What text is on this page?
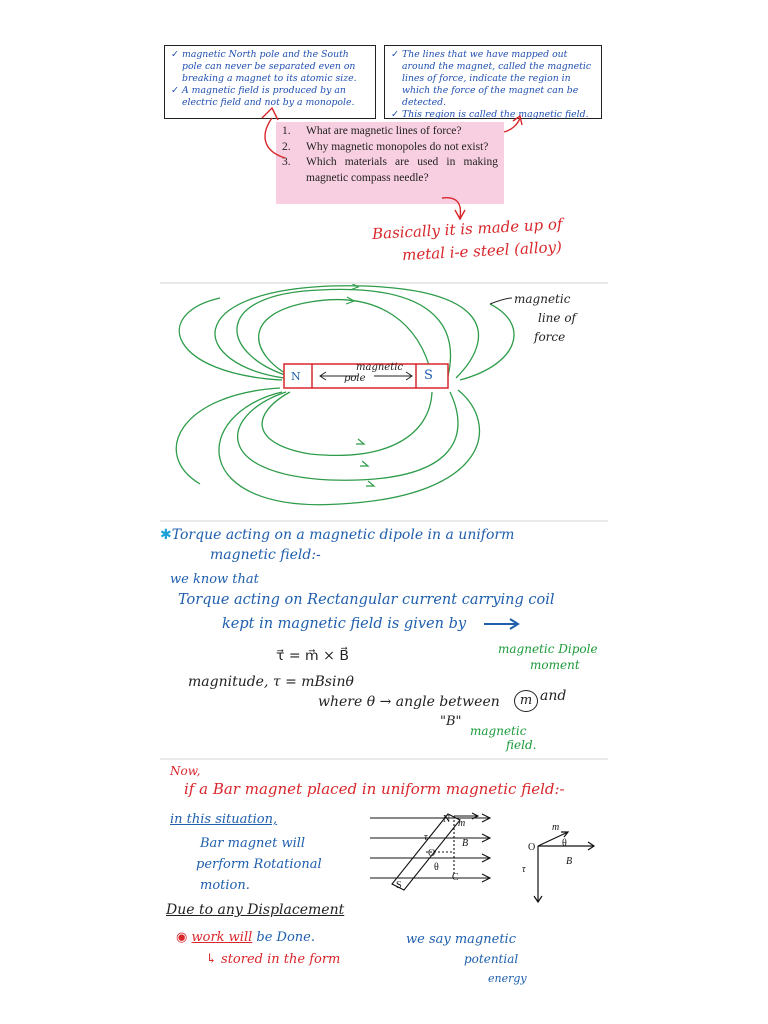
✓ magnetic North pole and the South pole can never be separated even on breaking a magnet to its atomic size.
✓ A magnetic field is produced by an electric field and not by a monopole.
✓ The lines that we have mapped out around the magnet, called the magnetic lines of force, indicate the region in which the force of the magnet can be detected.
✓ This region is called the magnetic field.
1.	What are magnetic lines of force?
2.	Why magnetic monopoles do not exist?
3.	Which materials are used in making magnetic compass needle?
Basically it is made up of
metal i-e steel (alloy)
N	S
magnetic
pole
magnetic
line of
force
✱Torque acting on a magnetic dipole in a uniform
magnetic field:-
we know that
Torque acting on Rectangular current carrying coil
kept in magnetic field is given by
τ⃗ = m⃗ × B⃗	magnetic Dipole
moment
magnitude, τ = mBsinθ
where θ → angle between	m and
"B"
magnetic
field.
Now,
if a Bar magnet placed in uniform magnetic field:-
in this situation,
Bar magnet will
perform Rotational
motion.
Due to any Displacement
◉ work will be Done.
↳ stored in the form
we say magnetic
potential
energy
N m
O
θ
B
C
S
τ
m
θ
O
B
τ
